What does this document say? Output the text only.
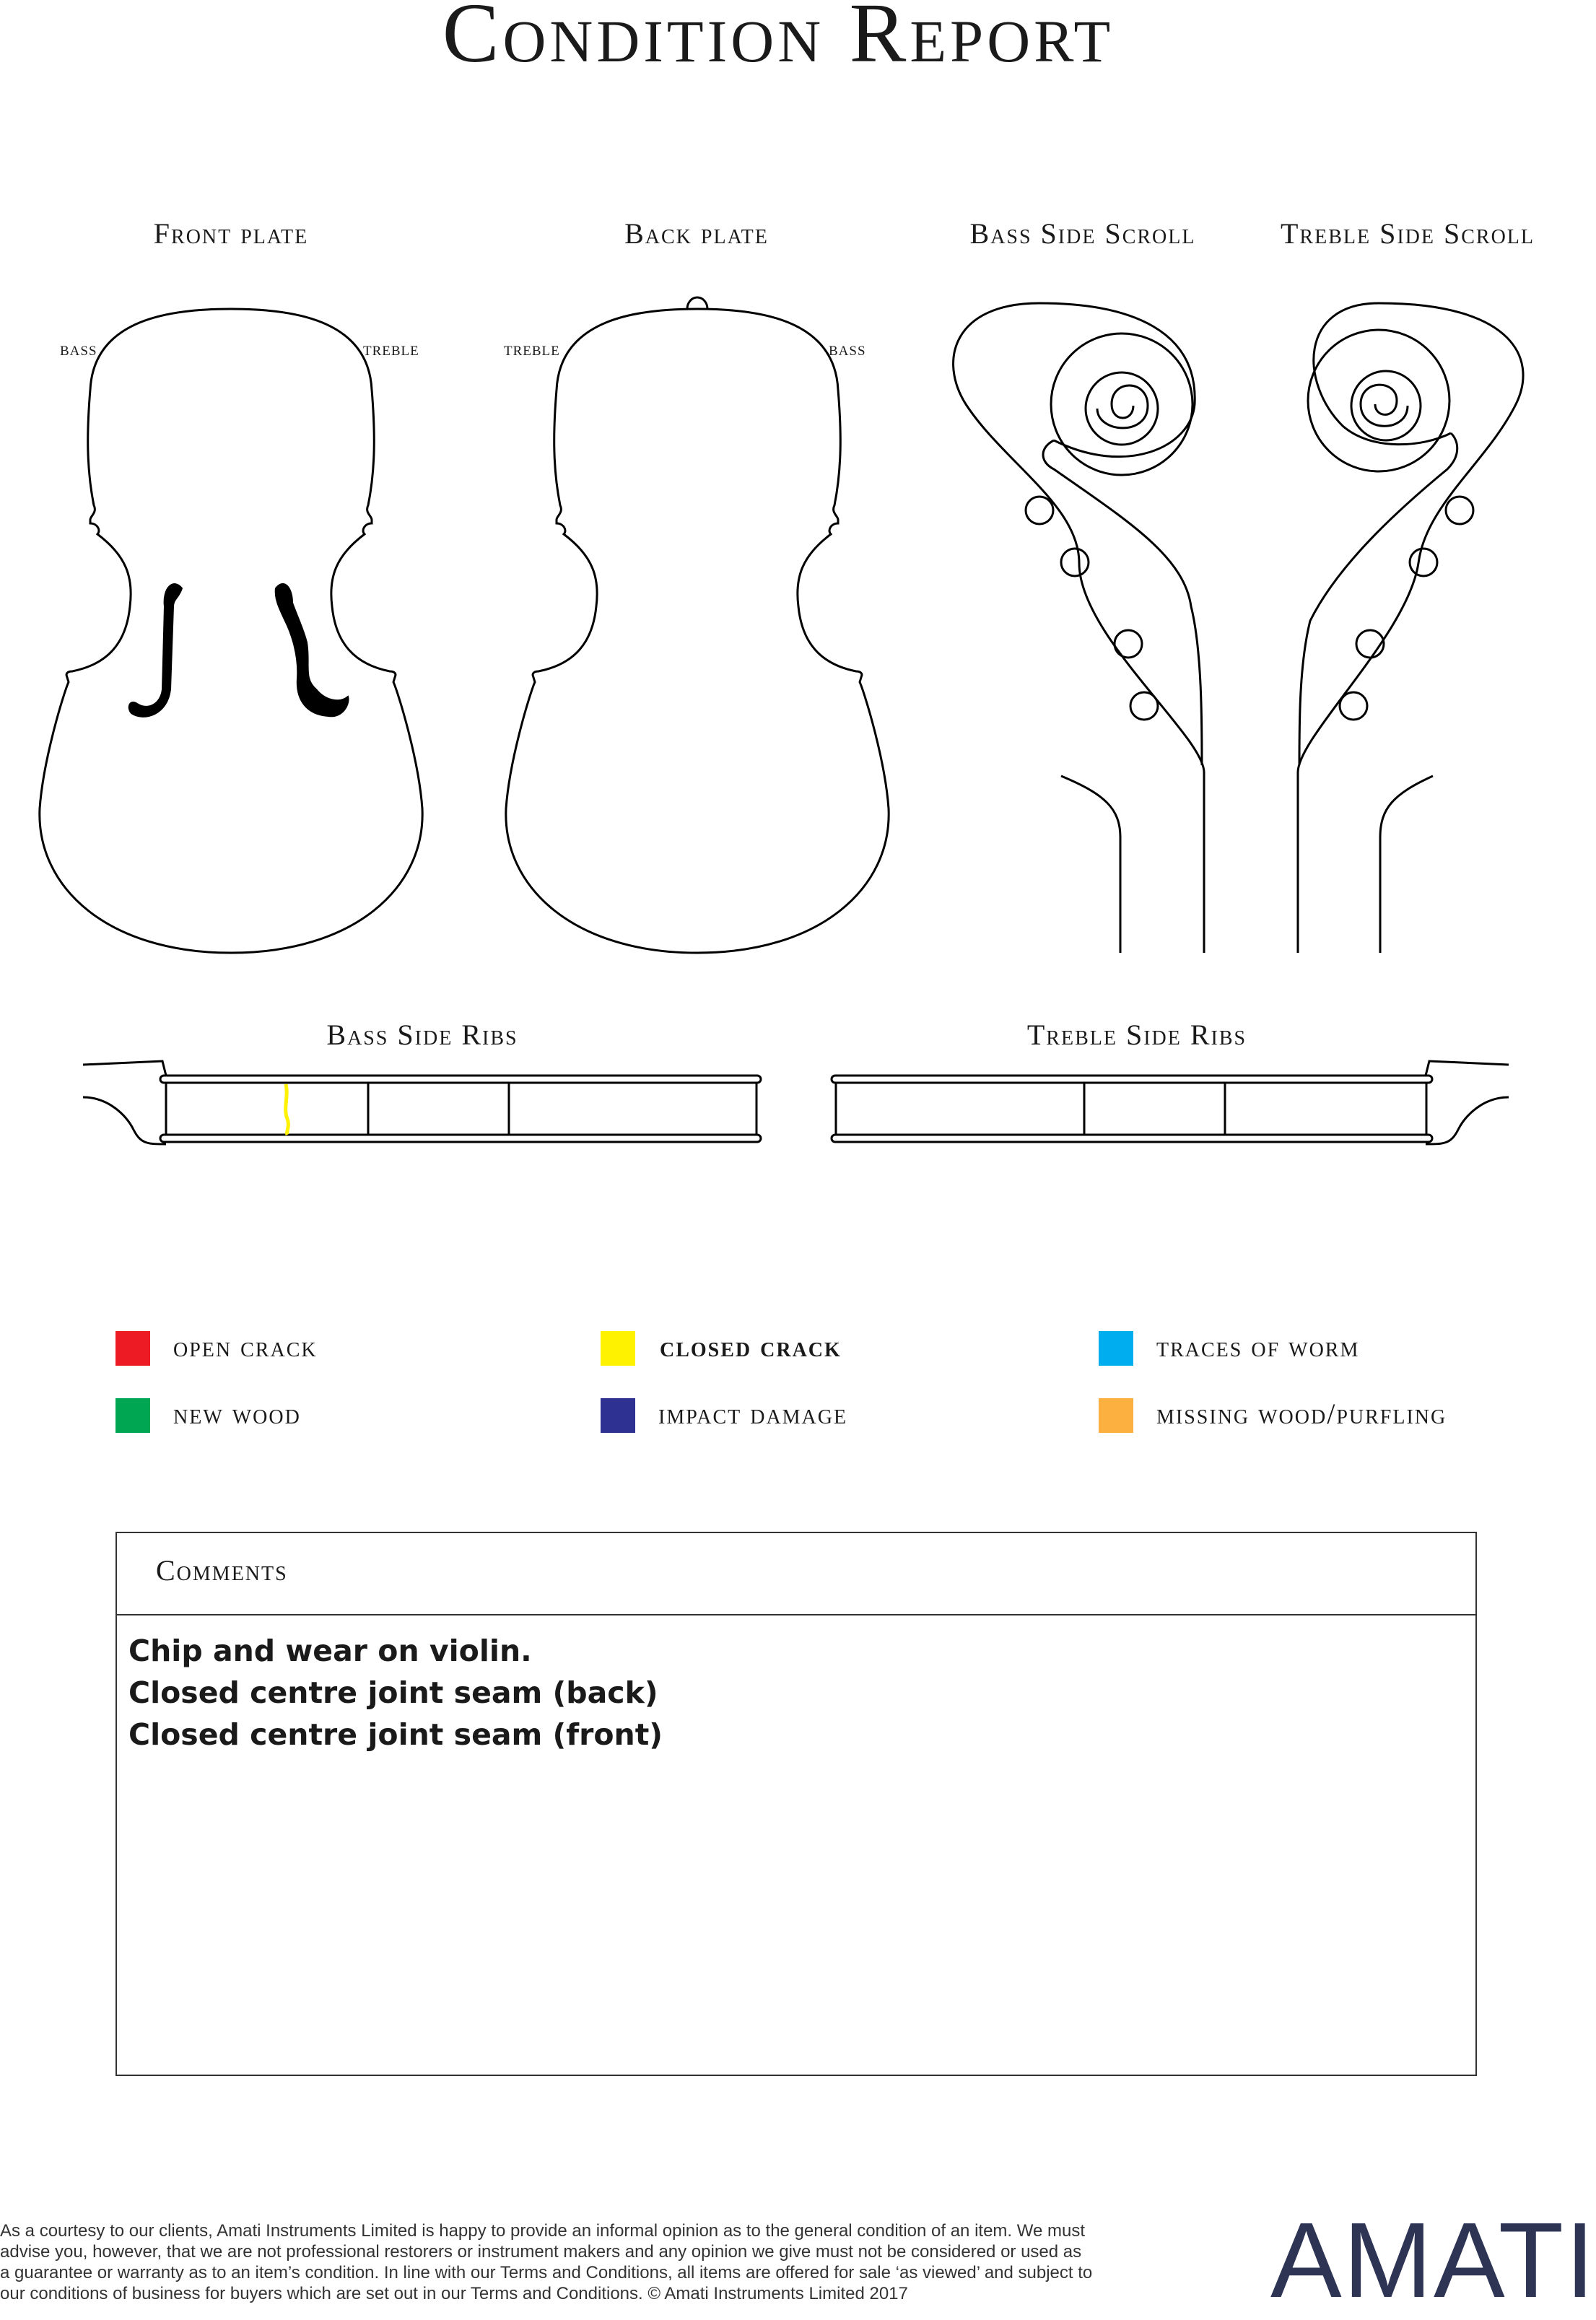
Condition Report
Front plate	Back plate	Bass Side Scroll	Treble Side Scroll
Bass Side Ribs	Treble Side Ribs
bass	treble	treble	bass
open crack	closed crack	traces of worm
new wood	impact damage	missing wood/purfling
Comments
Chip and wear on violin.
Closed centre joint seam (back)
Closed centre joint seam (front)
As a courtesy to our clients, Amati Instruments Limited is happy to provide an informal opinion as to the general condition of an item. We must
advise you, however, that we are not professional restorers or instrument makers and any opinion we give must not be considered or used as
a guarantee or warranty as to an item’s condition. In line with our Terms and Conditions, all items are offered for sale ‘as viewed’ and subject to
our conditions of business for buyers which are set out in our Terms and Conditions. © Amati Instruments Limited 2017	AMATI
